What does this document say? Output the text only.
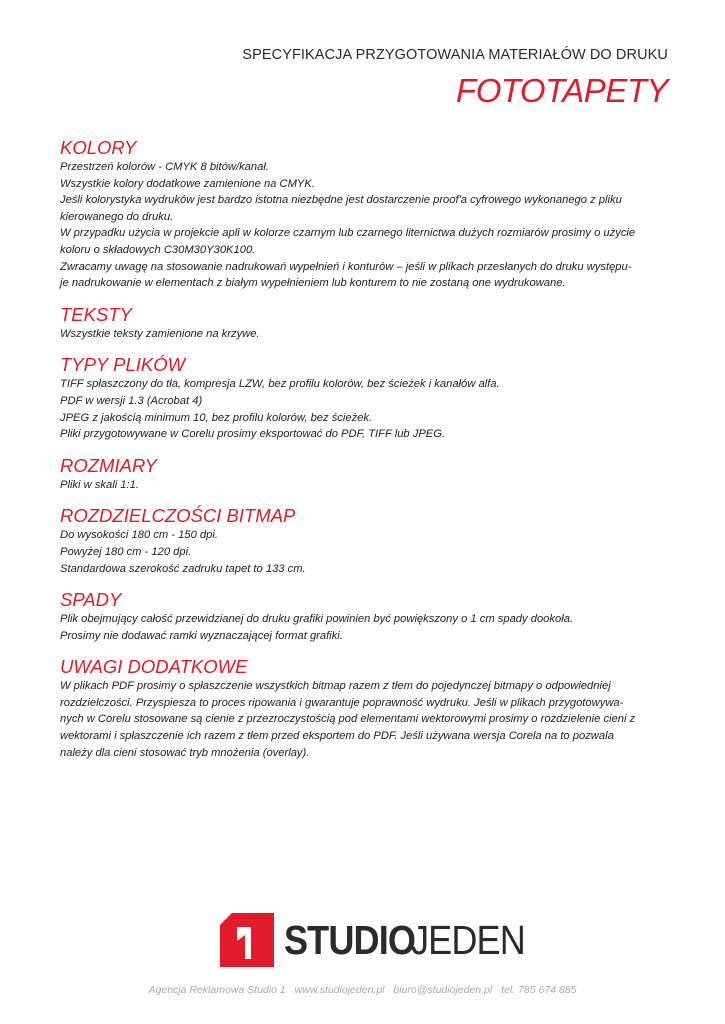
SPECYFIKACJA PRZYGOTOWANIA MATERIAŁÓW DO DRUKU
FOTOTAPETY
KOLORY
Przestrzeń kolorów - CMYK 8 bitów/kanał.
Wszystkie kolory dodatkowe zamienione na CMYK.
Jeśli kolorystyka wydruków jest bardzo istotna niezbędne jest dostarczenie proof'a cyfrowego wykonanego z pliku
kierowanego do druku.
W przypadku użycia w projekcie apli w kolorze czarnym lub czarnego liternictwa dużych rozmiarów prosimy o użycie
koloru o składowych C30M30Y30K100.
Zwracamy uwagę na stosowanie nadrukowań wypełnień i konturów – jeśli w plikach przesłanych do druku występu-
je nadrukowanie w elementach z białym wypełnieniem lub konturem to nie zostaną one wydrukowane.
TEKSTY
Wszystkie teksty zamienione na krzywe.
TYPY PLIKÓW
TIFF spłaszczony do tła, kompresja LZW, bez profilu kolorów, bez ścieżek i kanałów alfa.
PDF w wersji 1.3 (Acrobat 4)
JPEG z jakością minimum 10, bez profilu kolorów, bez ścieżek.
Pliki przygotowywane w Corelu prosimy eksportować do PDF, TIFF lub JPEG.
ROZMIARY
Pliki w skali 1:1.
ROZDZIELCZOŚCI BITMAP
Do wysokości 180 cm - 150 dpi.
Powyżej 180 cm - 120 dpi.
Standardowa szerokość zadruku tapet to 133 cm.
SPADY
Plik obejmujący całość przewidzianej do druku grafiki powinien być powiększony o 1 cm spady dookoła.
Prosimy nie dodawać ramki wyznaczającej format grafiki.
UWAGI DODATKOWE
W plikach PDF prosimy o spłaszczenie wszystkich bitmap razem z tłem do pojedynczej bitmapy o odpowiedniej
rozdzielczości. Przyspiesza to proces ripowania i gwarantuje poprawność wydruku. Jeśli w plikach przygotowywa-
nych w Corelu stosowane są cienie z przezroczystością pod elementami wektorowymi prosimy o rozdzielenie cieni z
wektorami i spłaszczenie ich razem z tłem przed eksportem do PDF. Jeśli używana wersja Corela na to pozwala
należy dla cieni stosować tryb mnożenia (overlay).
STUDIO
JEDEN
Agencja Reklamowa Studio 1 www.studiojeden.pl biuro@studiojeden.pl tel. 785 674 885
